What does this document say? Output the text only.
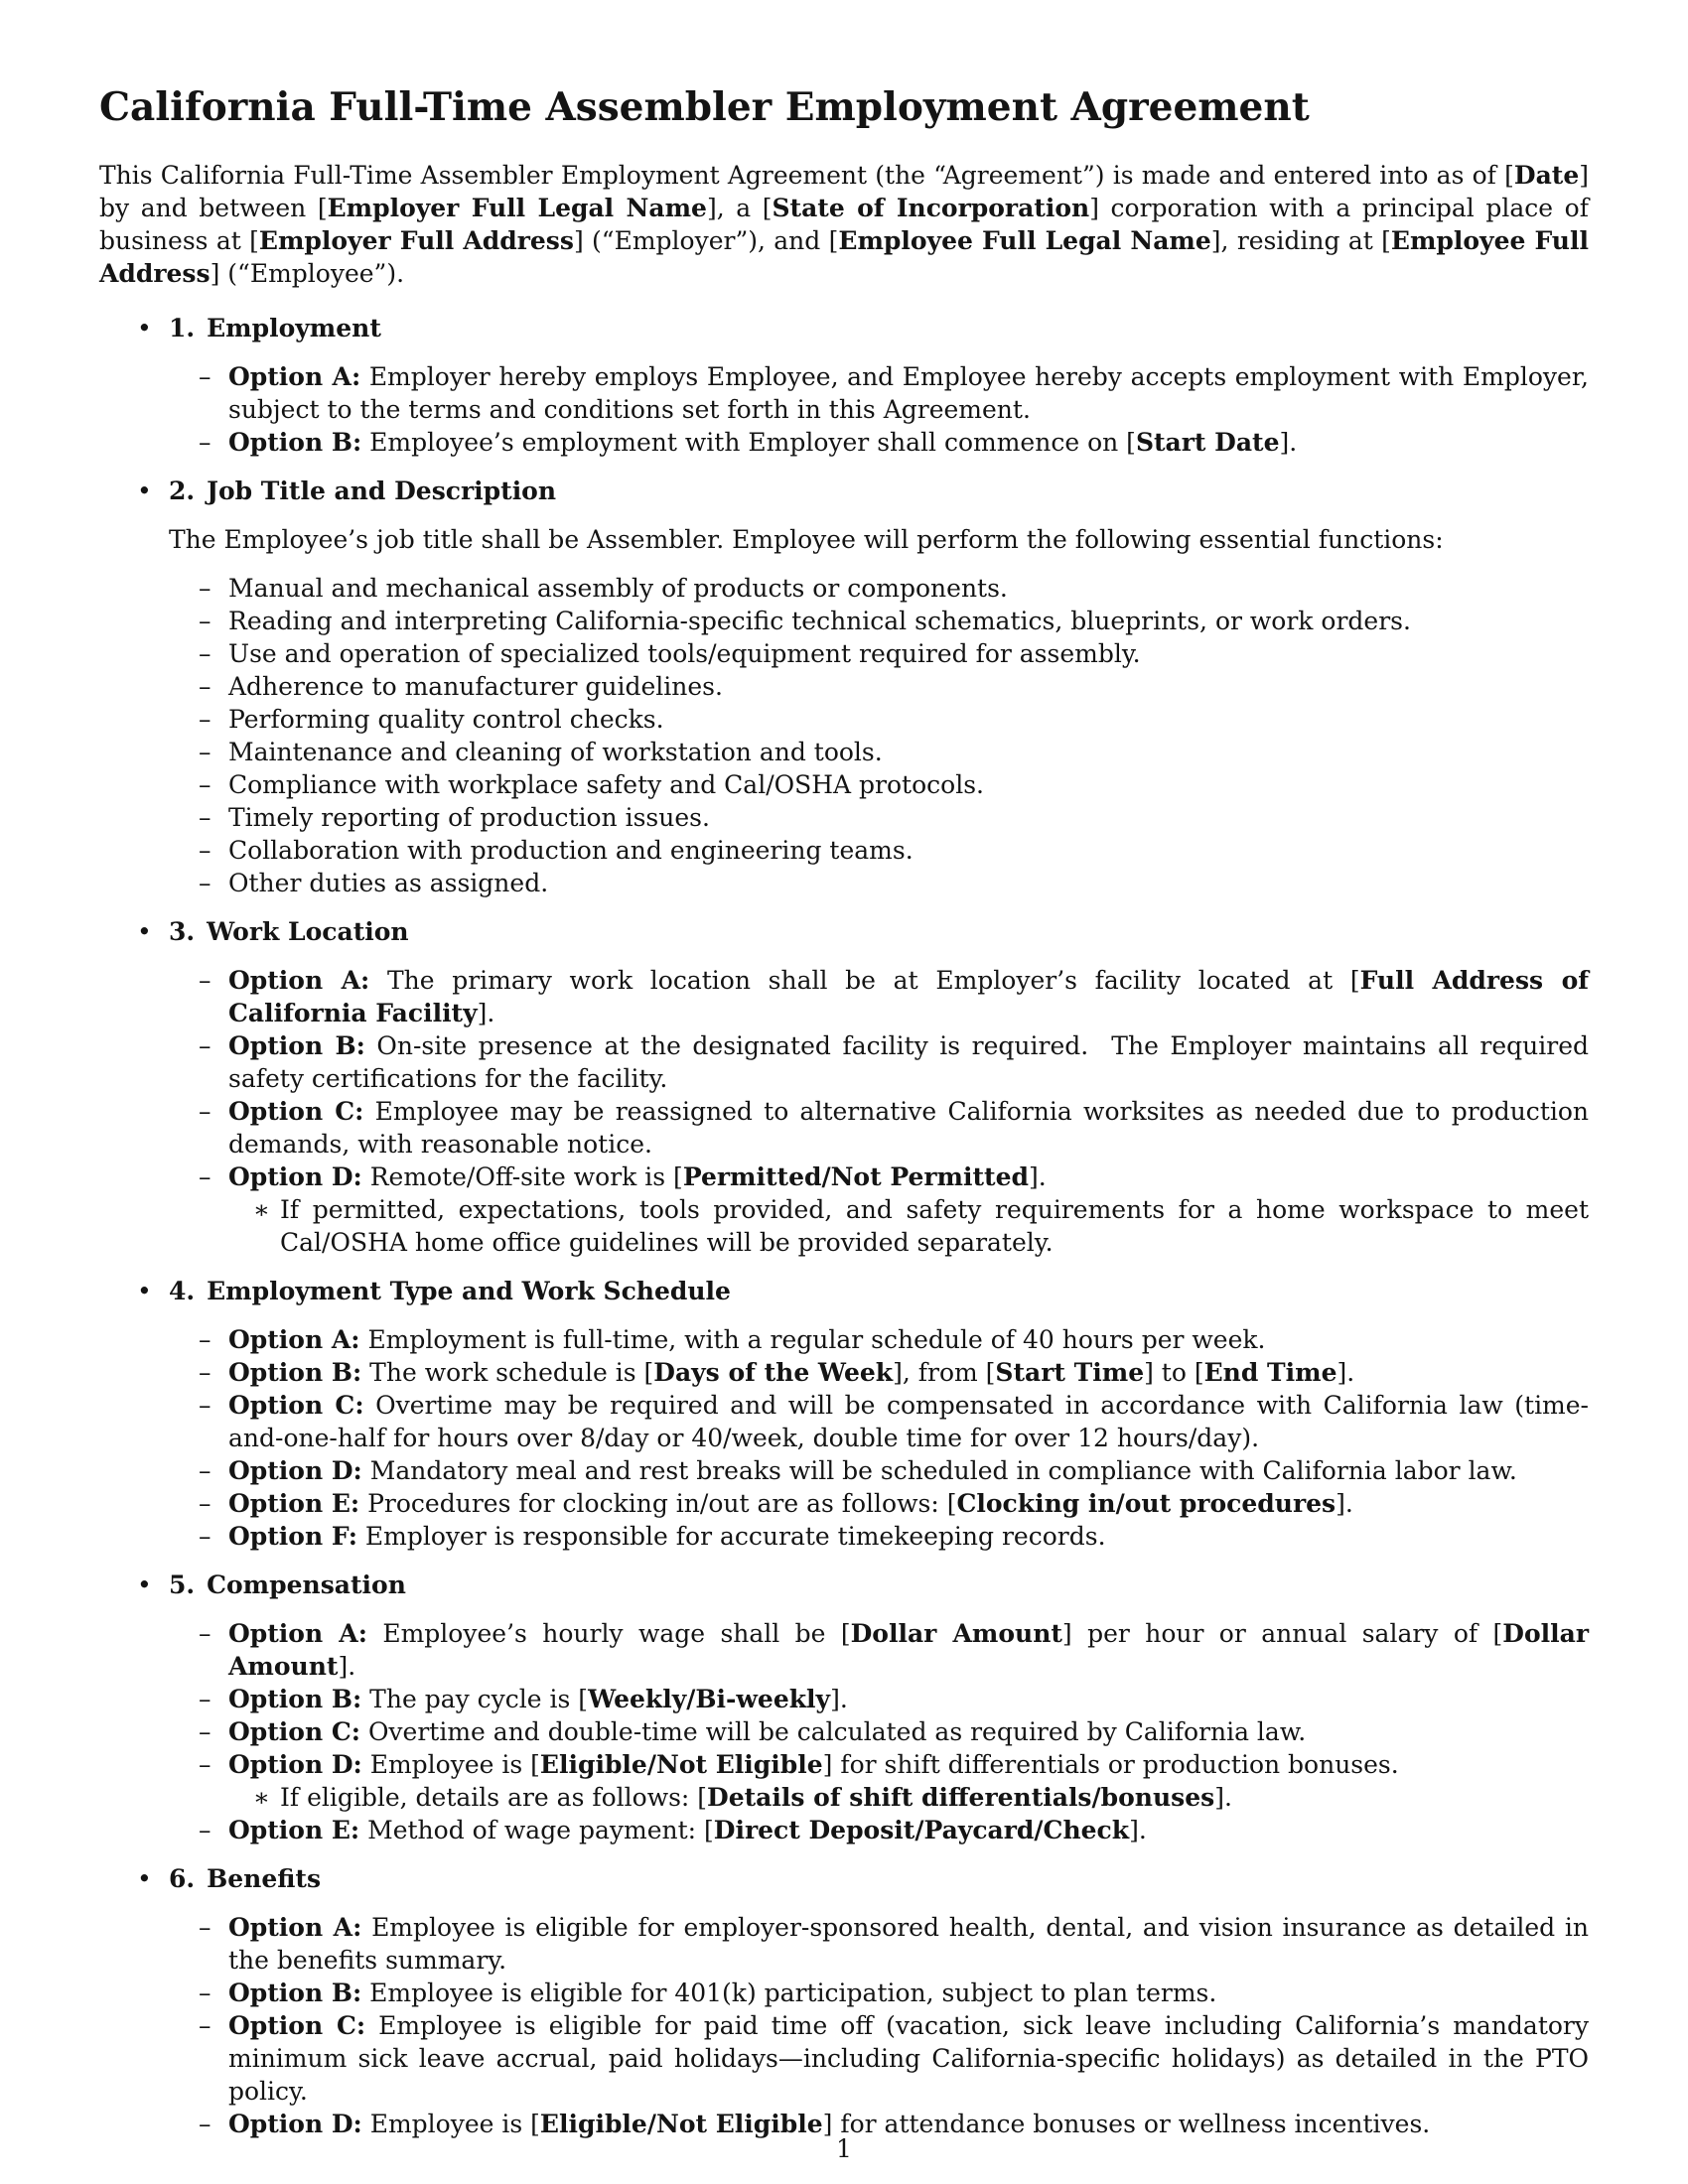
California Full-Time Assembler Employment Agreement

This California Full-Time Assembler Employment Agreement (the “Agreement”) is made and entered into as of [Date] by and between [Employer Full Legal Name], a [State of Incorporation] corporation with a principal place of business at [Employer Full Address] (“Employer”), and [Employee Full Legal Name], residing at [Employee Full Address] (“Employee”).

• 1. Employment
– Option A: Employer hereby employs Employee, and Employee hereby accepts employment with Employer, subject to the terms and conditions set forth in this Agreement.
– Option B: Employee’s employment with Employer shall commence on [Start Date].
• 2. Job Title and Description

The Employee’s job title shall be Assembler. Employee will perform the following essential functions:

– Manual and mechanical assembly of products or components.
– Reading and interpreting California-specific technical schematics, blueprints, or work orders.
– Use and operation of specialized tools/equipment required for assembly.
– Adherence to manufacturer guidelines.
– Performing quality control checks.
– Maintenance and cleaning of workstation and tools.
– Compliance with workplace safety and Cal/OSHA protocols.
– Timely reporting of production issues.
– Collaboration with production and engineering teams.
– Other duties as assigned.
• 3. Work Location
– Option A: The primary work location shall be at Employer’s facility located at [Full Address of California Facility].
– Option B: On-site presence at the designated facility is required.  The Employer maintains all required safety certifications for the facility.
– Option C: Employee may be reassigned to alternative California worksites as needed due to production demands, with reasonable notice.
– Option D: Remote/Off-site work is [Permitted/Not Permitted].
∗ If permitted, expectations, tools provided, and safety requirements for a home workspace to meet Cal/OSHA home office guidelines will be provided separately.
• 4. Employment Type and Work Schedule
– Option A: Employment is full-time, with a regular schedule of 40 hours per week.
– Option B: The work schedule is [Days of the Week], from [Start Time] to [End Time].
– Option C: Overtime may be required and will be compensated in accordance with California law (time-and-one-half for hours over 8/day or 40/week, double time for over 12 hours/day).
– Option D: Mandatory meal and rest breaks will be scheduled in compliance with California labor law.
– Option E: Procedures for clocking in/out are as follows: [Clocking in/out procedures].
– Option F: Employer is responsible for accurate timekeeping records.
• 5. Compensation
– Option A: Employee’s hourly wage shall be [Dollar Amount] per hour or annual salary of [Dollar Amount].
– Option B: The pay cycle is [Weekly/Bi-weekly].
– Option C: Overtime and double-time will be calculated as required by California law.
– Option D: Employee is [Eligible/Not Eligible] for shift differentials or production bonuses.
∗ If eligible, details are as follows: [Details of shift differentials/bonuses].
– Option E: Method of wage payment: [Direct Deposit/Paycard/Check].
• 6. Benefits
– Option A: Employee is eligible for employer-sponsored health, dental, and vision insurance as detailed in the benefits summary.
– Option B: Employee is eligible for 401(k) participation, subject to plan terms.
– Option C: Employee is eligible for paid time off (vacation, sick leave including California’s mandatory minimum sick leave accrual, paid holidays—including California-specific holidays) as detailed in the PTO policy.
– Option D: Employee is [Eligible/Not Eligible] for attendance bonuses or wellness incentives.
1
